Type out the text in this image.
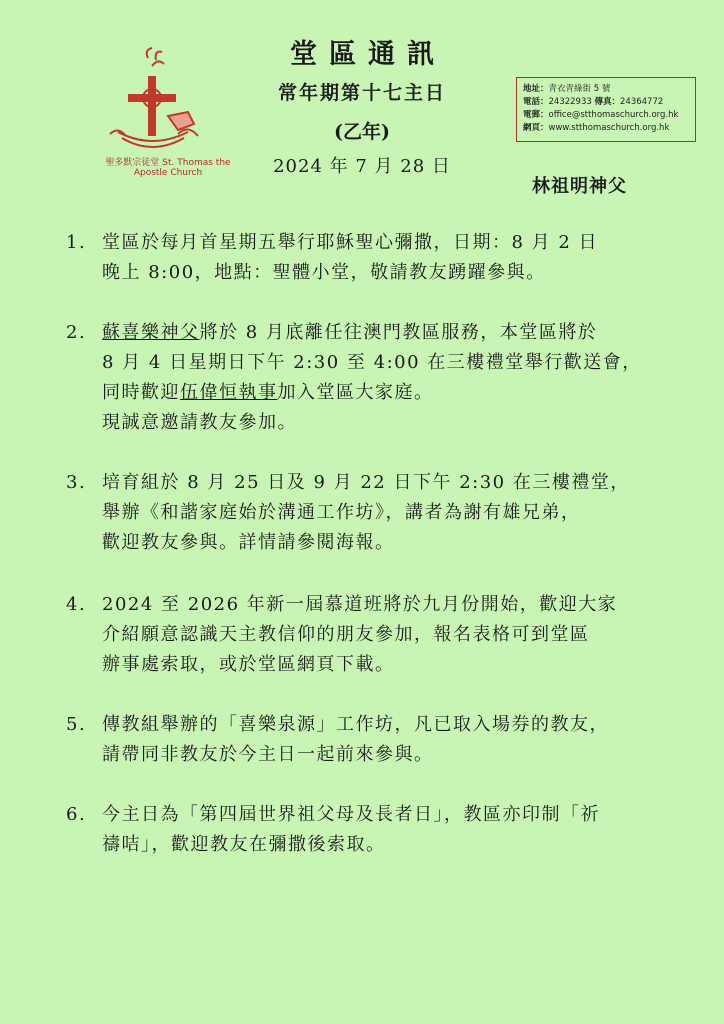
堂區通訊
常年期第十七主日
(乙年)
2024 年 7 月 28 日
聖多默宗徒堂 St. Thomas the Apostle Church
地址：青衣青綠街 5 號
電話：24322933 傳真：24364772
電郵：office@stthomaschurch.org.hk
網頁：www.stthomaschurch.org.hk
林祖明神父
1. 堂區於每月首星期五舉行耶穌聖心彌撒，日期：8 月 2 日
晚上 8:00，地點：聖體小堂，敬請教友踴躍參與。
2. 蘇喜樂神父將於 8 月底離任往澳門教區服務，本堂區將於
8 月 4 日星期日下午 2:30 至 4:00 在三樓禮堂舉行歡送會，
同時歡迎伍偉恒執事加入堂區大家庭。
現誠意邀請教友參加。
3. 培育組於 8 月 25 日及 9 月 22 日下午 2:30 在三樓禮堂，
舉辦《和諧家庭始於溝通工作坊》，講者為謝有雄兄弟，
歡迎教友參與。詳情請參閱海報。
4. 2024 至 2026 年新一屆慕道班將於九月份開始，歡迎大家
介紹願意認識天主教信仰的朋友參加，報名表格可到堂區
辦事處索取，或於堂區網頁下載。
5. 傳教組舉辦的「喜樂泉源」工作坊，凡已取入場券的教友，
請帶同非教友於今主日一起前來參與。
6. 今主日為「第四屆世界祖父母及長者日」，教區亦印制「祈
禱咭」，歡迎教友在彌撒後索取。
